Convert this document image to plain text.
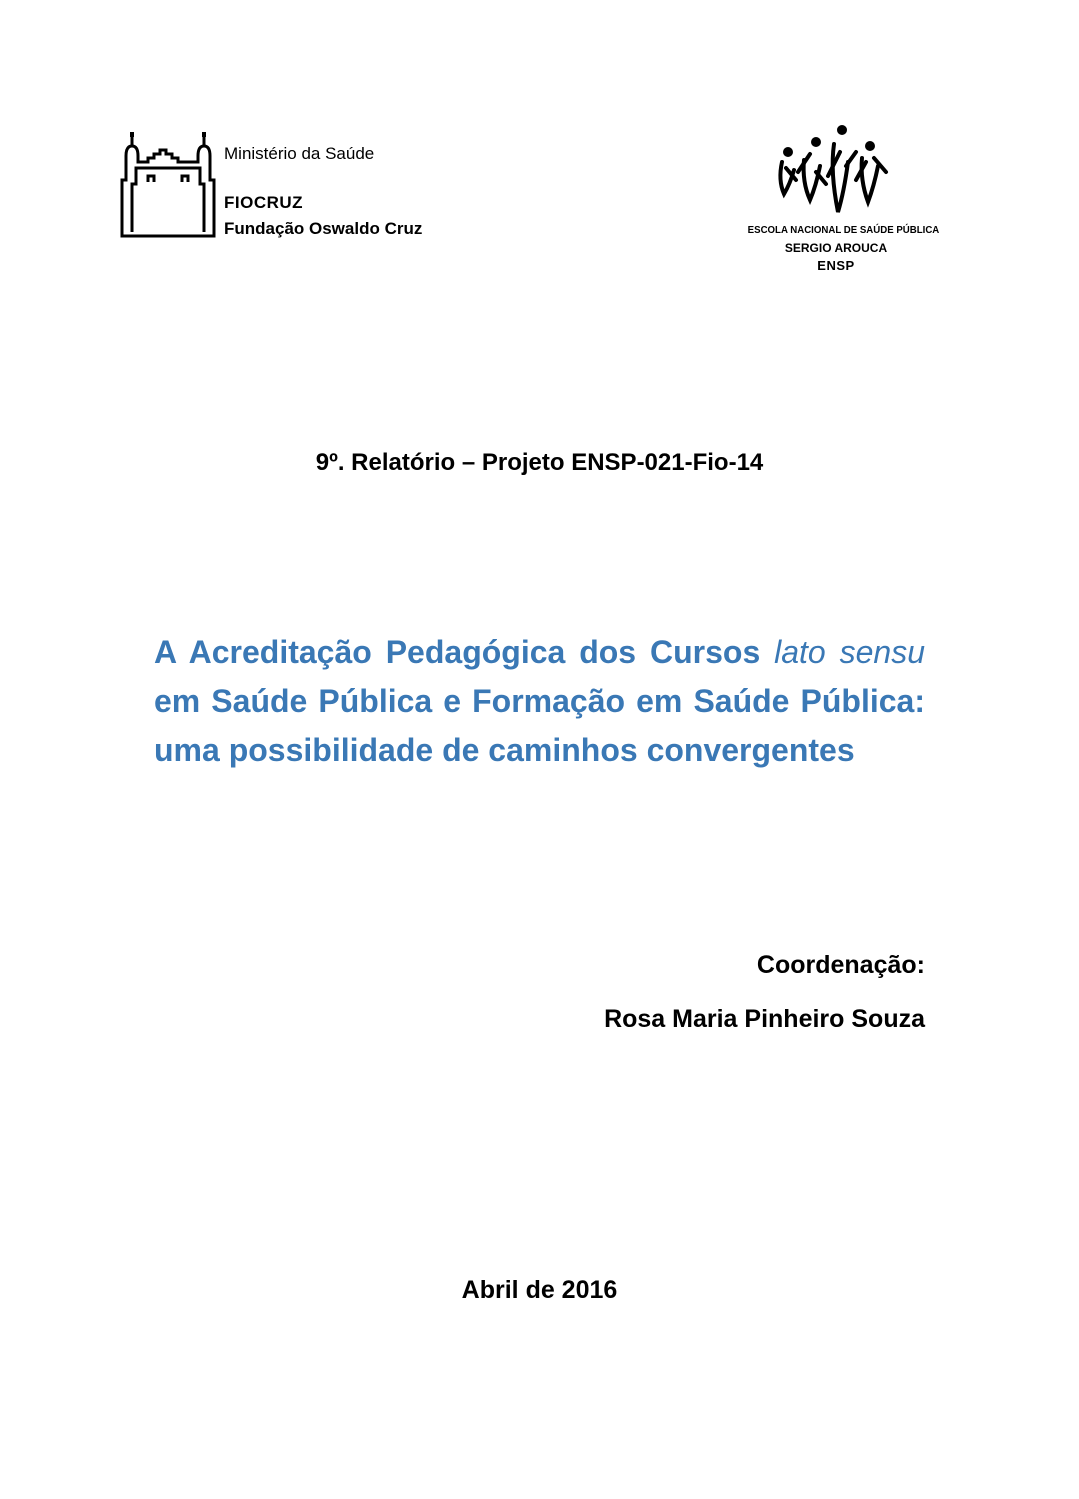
Ministério da Saúde
FIOCRUZ
Fundação Oswaldo Cruz	ESCOLA NACIONAL DE SAÚDE PÚBLICA
SERGIO AROUCA
ENSP
9º. Relatório – Projeto ENSP-021-Fio-14

A Acreditação Pedagógica dos Cursos lato sensu em Saúde Pública e Formação em Saúde Pública: uma possibilidade de caminhos convergentes

Coordenação:
Rosa Maria Pinheiro Souza
Abril de 2016
